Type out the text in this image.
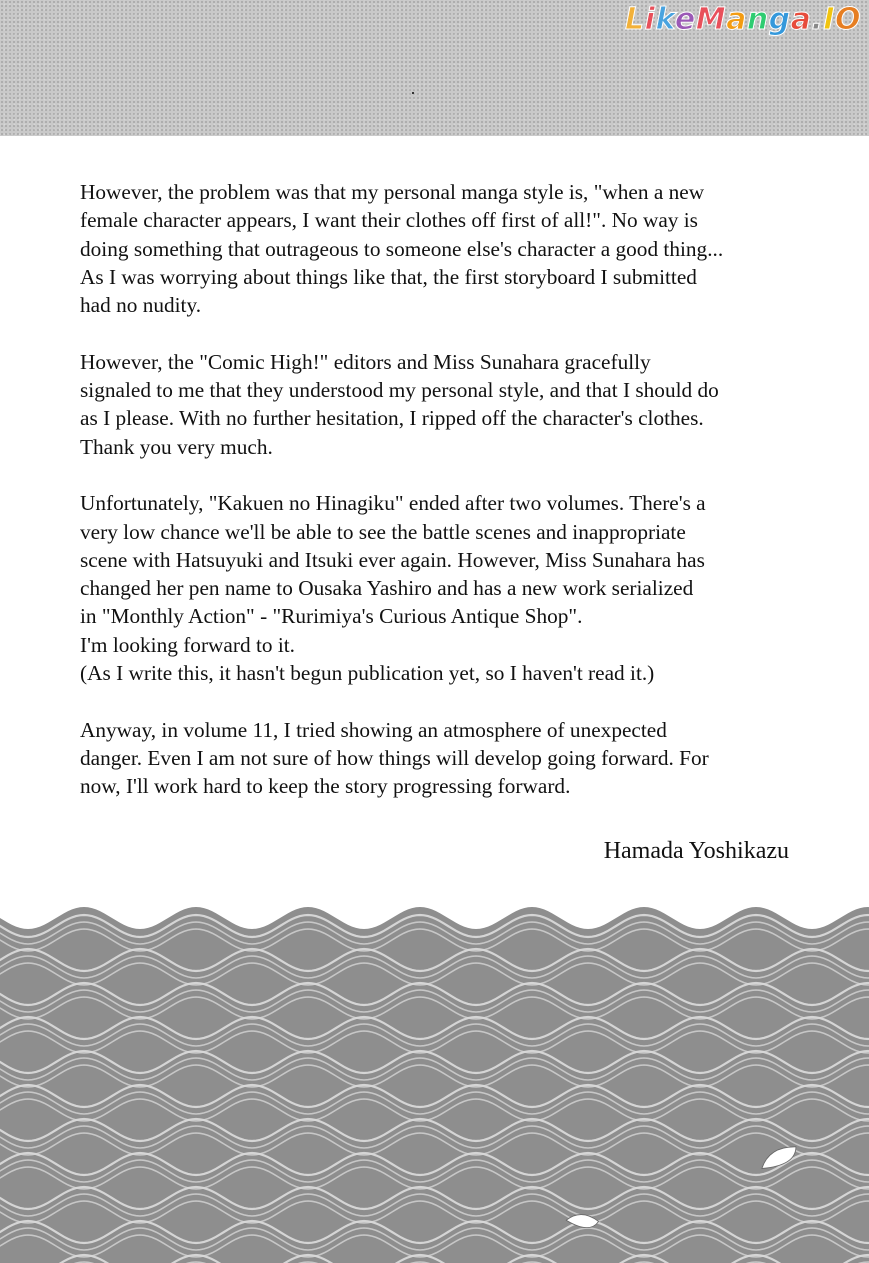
LikeManga.IO

However, the problem was that my personal manga style is, "when a new
female character appears, I want their clothes off first of all!". No way is
doing something that outrageous to someone else's character a good thing...
As I was worrying about things like that, the first storyboard I submitted
had no nudity.

However, the "Comic High!" editors and Miss Sunahara gracefully
signaled to me that they understood my personal style, and that I should do
as I please. With no further hesitation, I ripped off the character's clothes.
Thank you very much.

Unfortunately, "Kakuen no Hinagiku" ended after two volumes. There's a
very low chance we'll be able to see the battle scenes and inappropriate
scene with Hatsuyuki and Itsuki ever again. However, Miss Sunahara has
changed her pen name to Ousaka Yashiro and has a new work serialized
in "Monthly Action" - "Rurimiya's Curious Antique Shop".
I'm looking forward to it.
(As I write this, it hasn't begun publication yet, so I haven't read it.)

Anyway, in volume 11, I tried showing an atmosphere of unexpected
danger. Even I am not sure of how things will develop going forward. For
now, I'll work hard to keep the story progressing forward.

Hamada Yoshikazu
